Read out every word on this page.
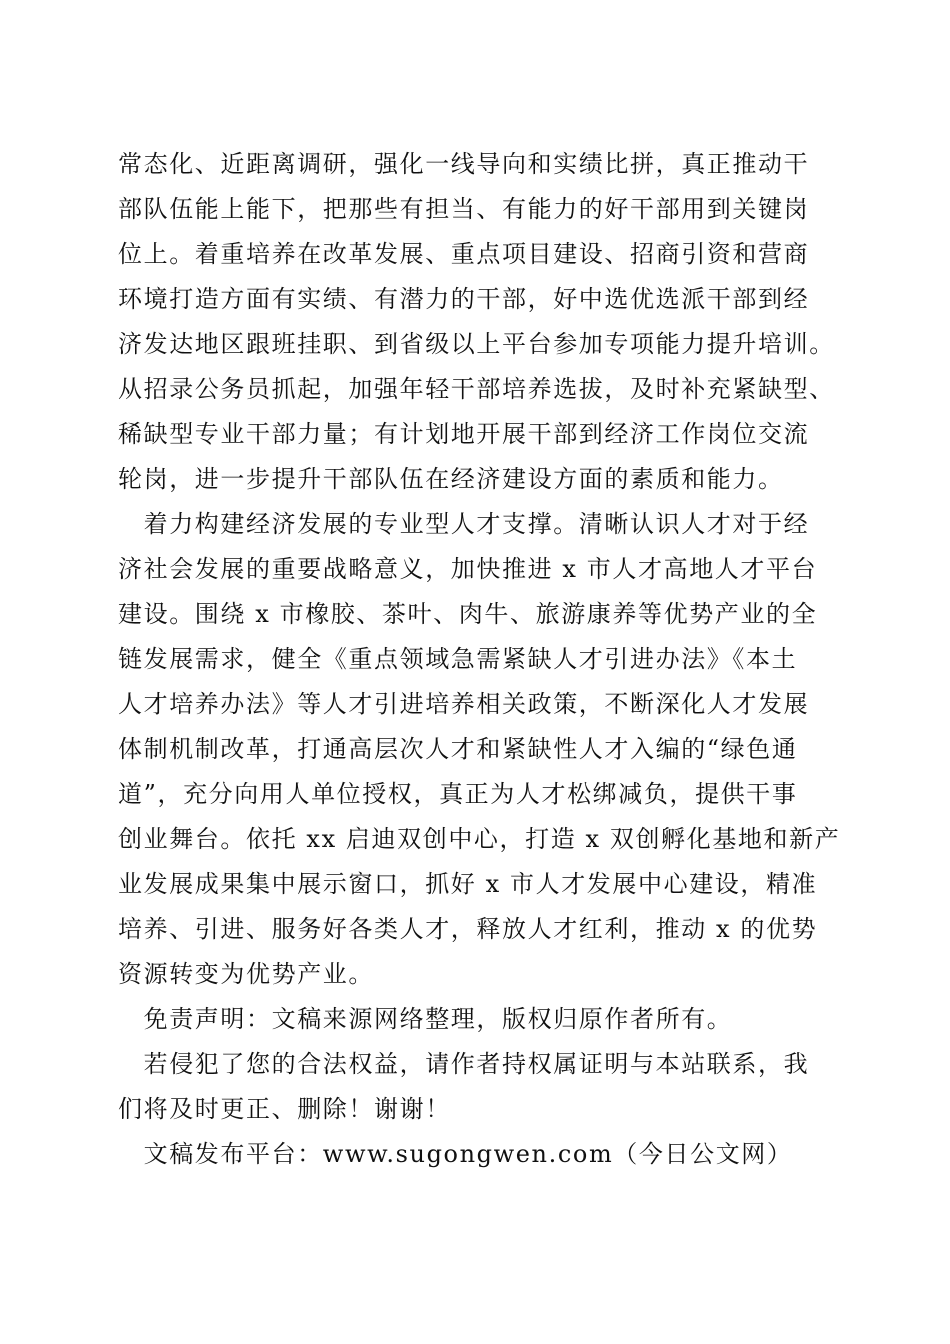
常态化、近距离调研，强化一线导向和实绩比拼，真正推动干
部队伍能上能下，把那些有担当、有能力的好干部用到关键岗
位上。着重培养在改革发展、重点项目建设、招商引资和营商
环境打造方面有实绩、有潜力的干部，好中选优选派干部到经
济发达地区跟班挂职、到省级以上平台参加专项能力提升培训。
从招录公务员抓起，加强年轻干部培养选拔，及时补充紧缺型、
稀缺型专业干部力量；有计划地开展干部到经济工作岗位交流
轮岗，进一步提升干部队伍在经济建设方面的素质和能力。
　着力构建经济发展的专业型人才支撑。清晰认识人才对于经
济社会发展的重要战略意义，加快推进 x 市人才高地人才平台
建设。围绕 x 市橡胶、茶叶、肉牛、旅游康养等优势产业的全
链发展需求，健全《重点领域急需紧缺人才引进办法》《本土
人才培养办法》等人才引进培养相关政策，不断深化人才发展
体制机制改革，打通高层次人才和紧缺性人才入编的“绿色通
道”，充分向用人单位授权，真正为人才松绑减负，提供干事
创业舞台。依托 xx 启迪双创中心，打造 x 双创孵化基地和新产
业发展成果集中展示窗口，抓好 x 市人才发展中心建设，精准
培养、引进、服务好各类人才，释放人才红利，推动 x 的优势
资源转变为优势产业。
　免责声明：文稿来源网络整理，版权归原作者所有。
　若侵犯了您的合法权益，请作者持权属证明与本站联系，我
们将及时更正、删除！谢谢！
　文稿发布平台：www.sugongwen.com（今日公文网）
